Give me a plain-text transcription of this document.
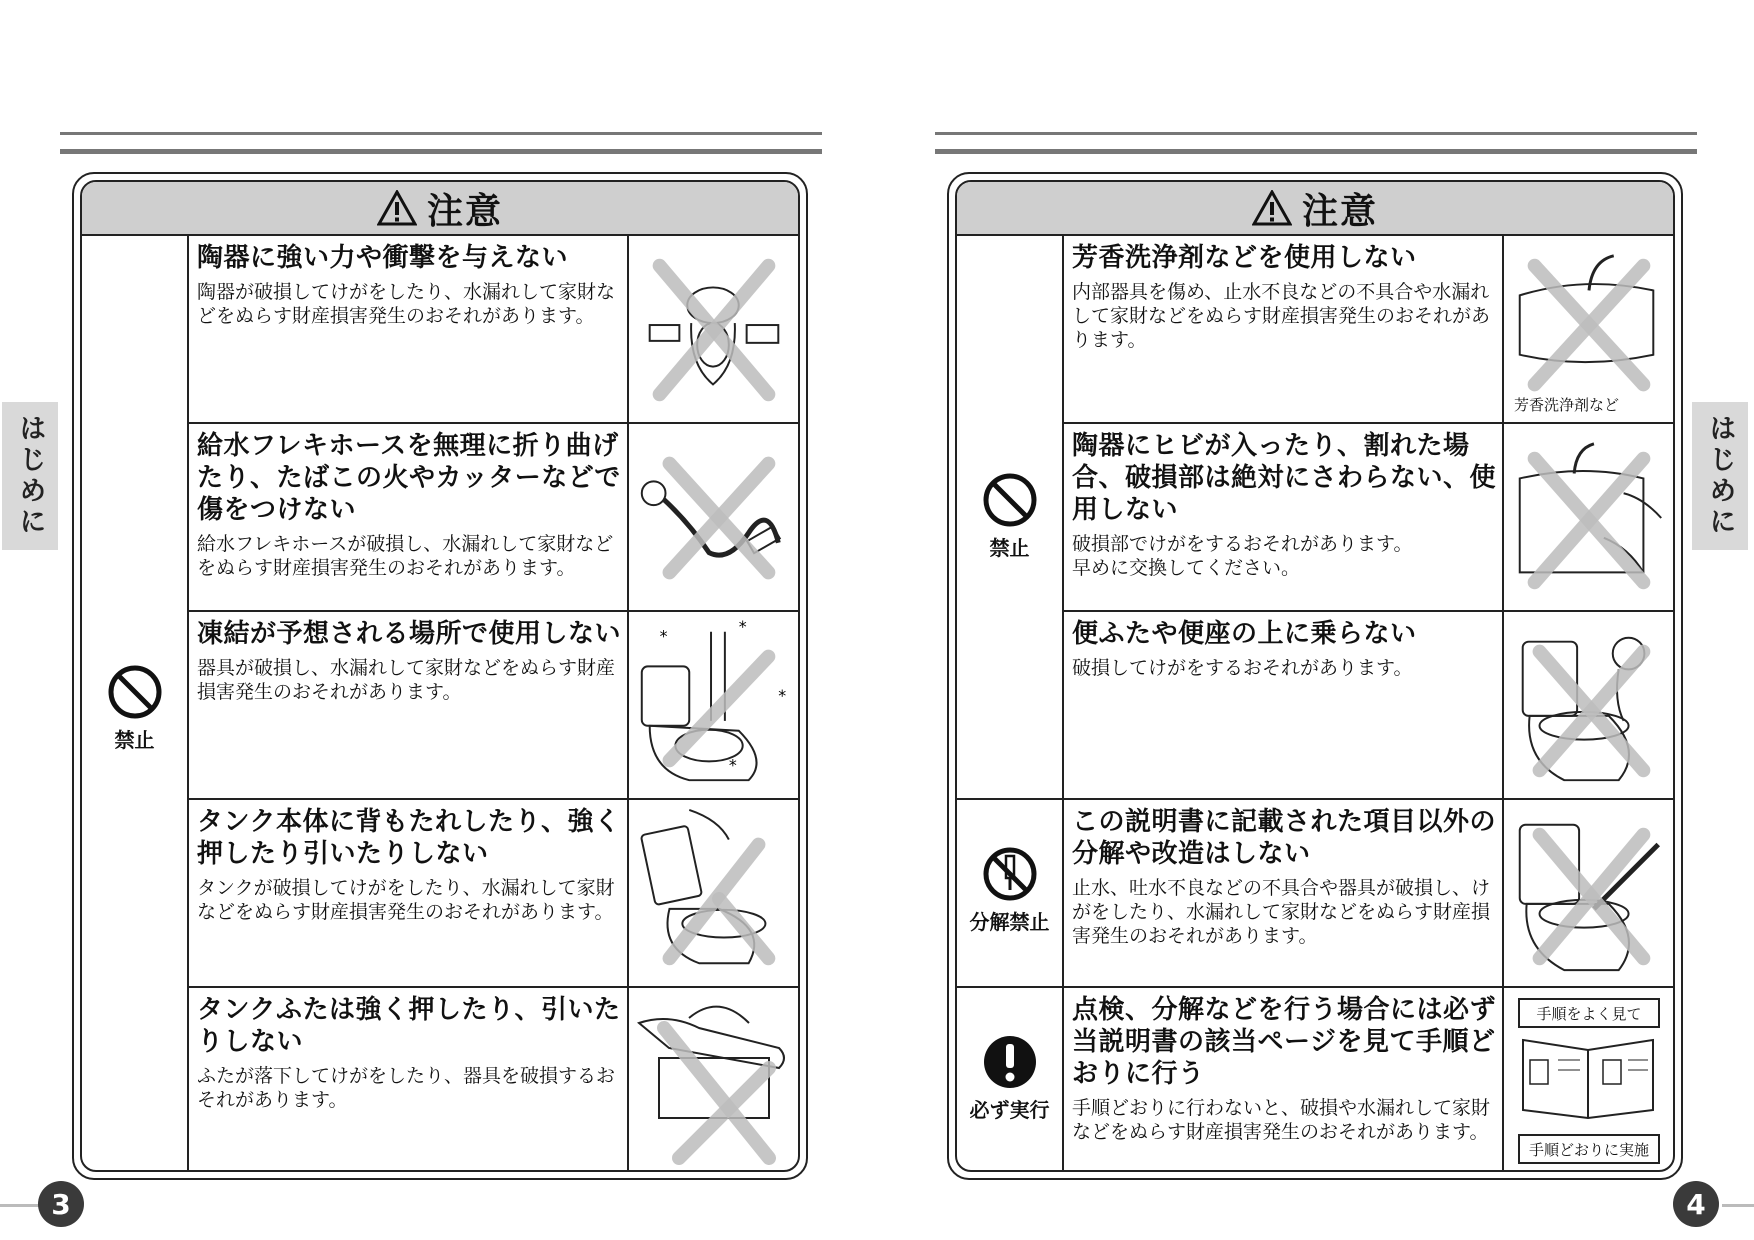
はじめに	はじめに
3	4
注意
禁止
陶器に強い力や衝撃を与えない
陶器が破損してけがをしたり、水漏れして家財などをぬらす財産損害発生のおそれがあります。
給水フレキホースを無理に折り曲げたり、たばこの火やカッターなどで傷をつけない
給水フレキホースが破損し、水漏れして家財などをぬらす財産損害発生のおそれがあります。
凍結が予想される場所で使用しない
器具が破損し、水漏れして家財などをぬらす財産損害発生のおそれがあります。
*
*
*
*
タンク本体に背もたれしたり、強く押したり引いたりしない
タンクが破損してけがをしたり、水漏れして家財などをぬらす財産損害発生のおそれがあります。
タンクふたは強く押したり、引いたりしない
ふたが落下してけがをしたり、器具を破損するおそれがあります。
注意
禁止
分解禁止
必ず実行
芳香洗浄剤などを使用しない
内部器具を傷め、止水不良などの不具合や水漏れして家財などをぬらす財産損害発生のおそれがあります。
芳香洗浄剤など
陶器にヒビが入ったり、割れた場合、破損部は絶対にさわらない、使用しない
破損部でけがをするおそれがあります。
早めに交換してください。
便ふたや便座の上に乗らない
破損してけがをするおそれがあります。
この説明書に記載された項目以外の分解や改造はしない
止水、吐水不良などの不具合や器具が破損し、けがをしたり、水漏れして家財などをぬらす財産損害発生のおそれがあります。
点検、分解などを行う場合には必ず当説明書の該当ページを見て手順どおりに行う
手順どおりに行わないと、破損や水漏れして家財などをぬらす財産損害発生のおそれがあります。
手順をよく見て
手順どおりに実施
